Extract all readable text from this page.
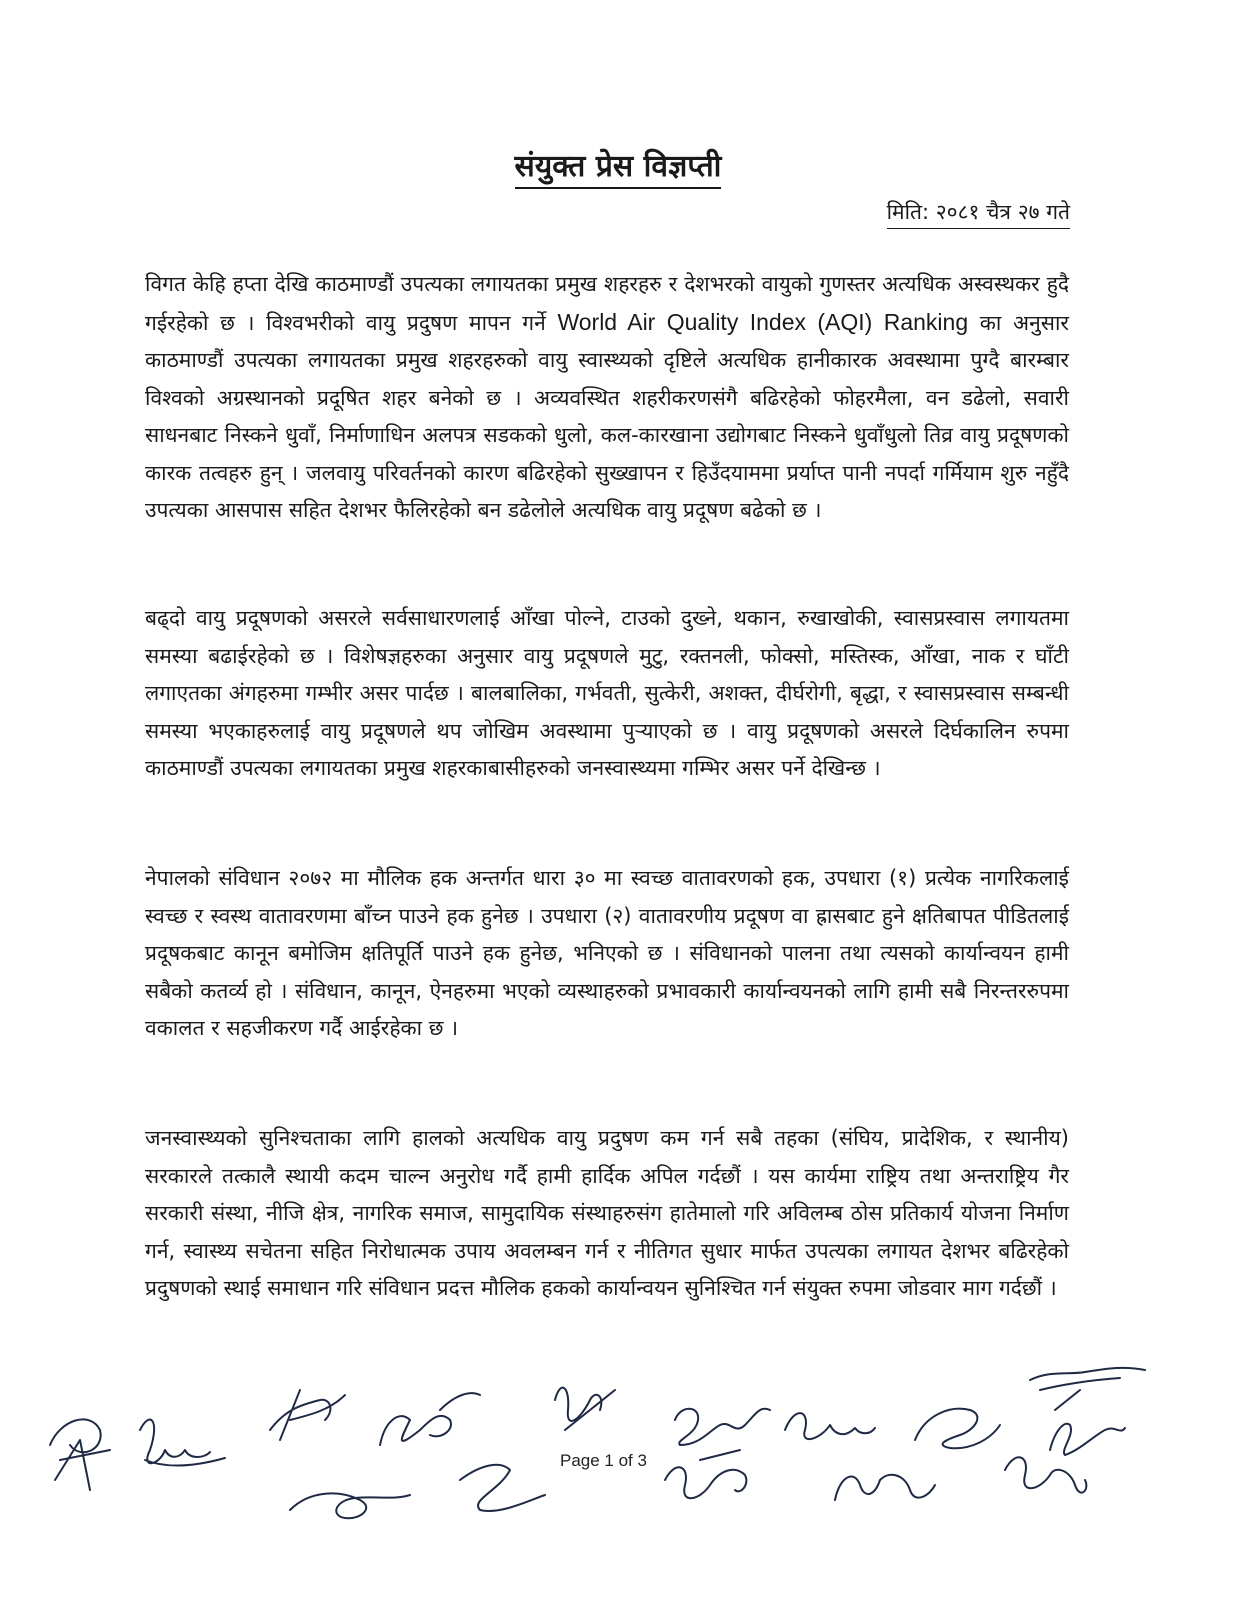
संयुक्त प्रेस विज्ञप्ती
मिति: २०८१ चैत्र २७ गते
विगत केहि हप्ता देखि काठमाण्डौं उपत्यका लगायतका प्रमुख शहरहरु र देशभरको वायुको गुणस्तर अत्यधिक अस्वस्थकर हुदै गईरहेको छ । विश्वभरीको वायु प्रदुषण मापन गर्ने World Air Quality Index (AQI) Ranking का अनुसार काठमाण्डौं उपत्यका लगायतका प्रमुख शहरहरुको वायु स्वास्थ्यको दृष्टिले अत्यधिक हानीकारक अवस्थामा पुग्दै बारम्बार विश्वको अग्रस्थानको प्रदूषित शहर बनेको छ । अव्यवस्थित शहरीकरणसंगै बढिरहेको फोहरमैला, वन डढेलो, सवारी साधनबाट निस्कने धुवाँ, निर्माणाधिन अलपत्र सडकको धुलो, कल-कारखाना उद्योगबाट निस्कने धुवाँधुलो तिव्र वायु प्रदूषणको कारक तत्वहरु हुन् । जलवायु परिवर्तनको कारण बढिरहेको सुख्खापन र हिउँदयाममा प्रर्याप्त पानी नपर्दा गर्मियाम शुरु नहुँदै उपत्यका आसपास सहित देशभर फैलिरहेको बन डढेलोले अत्यधिक वायु प्रदूषण बढेको छ ।
बढ्दो वायु प्रदूषणको असरले सर्वसाधारणलाई आँखा पोल्ने, टाउको दुख्ने, थकान, रुखाखोकी, स्वासप्रस्वास लगायतमा समस्या बढाईरहेको छ । विशेषज्ञहरुका अनुसार वायु प्रदूषणले मुटु, रक्तनली, फोक्सो, मस्तिस्क, आँखा, नाक र घाँटी लगाएतका अंगहरुमा गम्भीर असर पार्दछ । बालबालिका, गर्भवती, सुत्केरी, अशक्त, दीर्घरोगी, बृद्धा, र स्वासप्रस्वास सम्बन्धी समस्या भएकाहरुलाई वायु प्रदूषणले थप जोखिम अवस्थामा पुऱ्याएको छ । वायु प्रदूषणको असरले दिर्घकालिन रुपमा काठमाण्डौं उपत्यका लगायतका प्रमुख शहरकाबासीहरुको जनस्वास्थ्यमा गम्भिर असर पर्ने देखिन्छ ।
नेपालको संविधान २०७२ मा मौलिक हक अन्तर्गत धारा ३० मा स्वच्छ वातावरणको हक, उपधारा (१) प्रत्येक नागरिकलाई स्वच्छ र स्वस्थ वातावरणमा बाँच्न पाउने हक हुनेछ । उपधारा (२) वातावरणीय प्रदूषण वा ह्रासबाट हुने क्षतिबापत पीडितलाई प्रदूषकबाट कानून बमोजिम क्षतिपूर्ति पाउने हक हुनेछ, भनिएको छ । संविधानको पालना तथा त्यसको कार्यान्वयन हामी सबैको कतर्व्य हो । संविधान, कानून, ऐनहरुमा भएको व्यस्थाहरुको प्रभावकारी कार्यान्वयनको लागि हामी सबै निरन्तररुपमा वकालत र सहजीकरण गर्दै आईरहेका छ ।
जनस्वास्थ्यको सुनिश्चताका लागि हालको अत्यधिक वायु प्रदुषण कम गर्न सबै तहका (संघिय, प्रादेशिक, र स्थानीय) सरकारले तत्कालै स्थायी कदम चाल्न अनुरोध गर्दै हामी हार्दिक अपिल गर्दछौं । यस कार्यमा राष्ट्रिय तथा अन्तराष्ट्रिय गैर सरकारी संस्था, नीजि क्षेत्र, नागरिक समाज, सामुदायिक संस्थाहरुसंग हातेमालो गरि अविलम्ब ठोस प्रतिकार्य योजना निर्माण गर्न, स्वास्थ्य सचेतना सहित निरोधात्मक उपाय अवलम्बन गर्न र नीतिगत सुधार मार्फत उपत्यका लगायत देशभर बढिरहेको प्रदुषणको स्थाई समाधान गरि संविधान प्रदत्त मौलिक हकको कार्यान्वयन सुनिश्चित गर्न संयुक्त रुपमा जोडवार माग गर्दछौं ।
Page 1 of 3
